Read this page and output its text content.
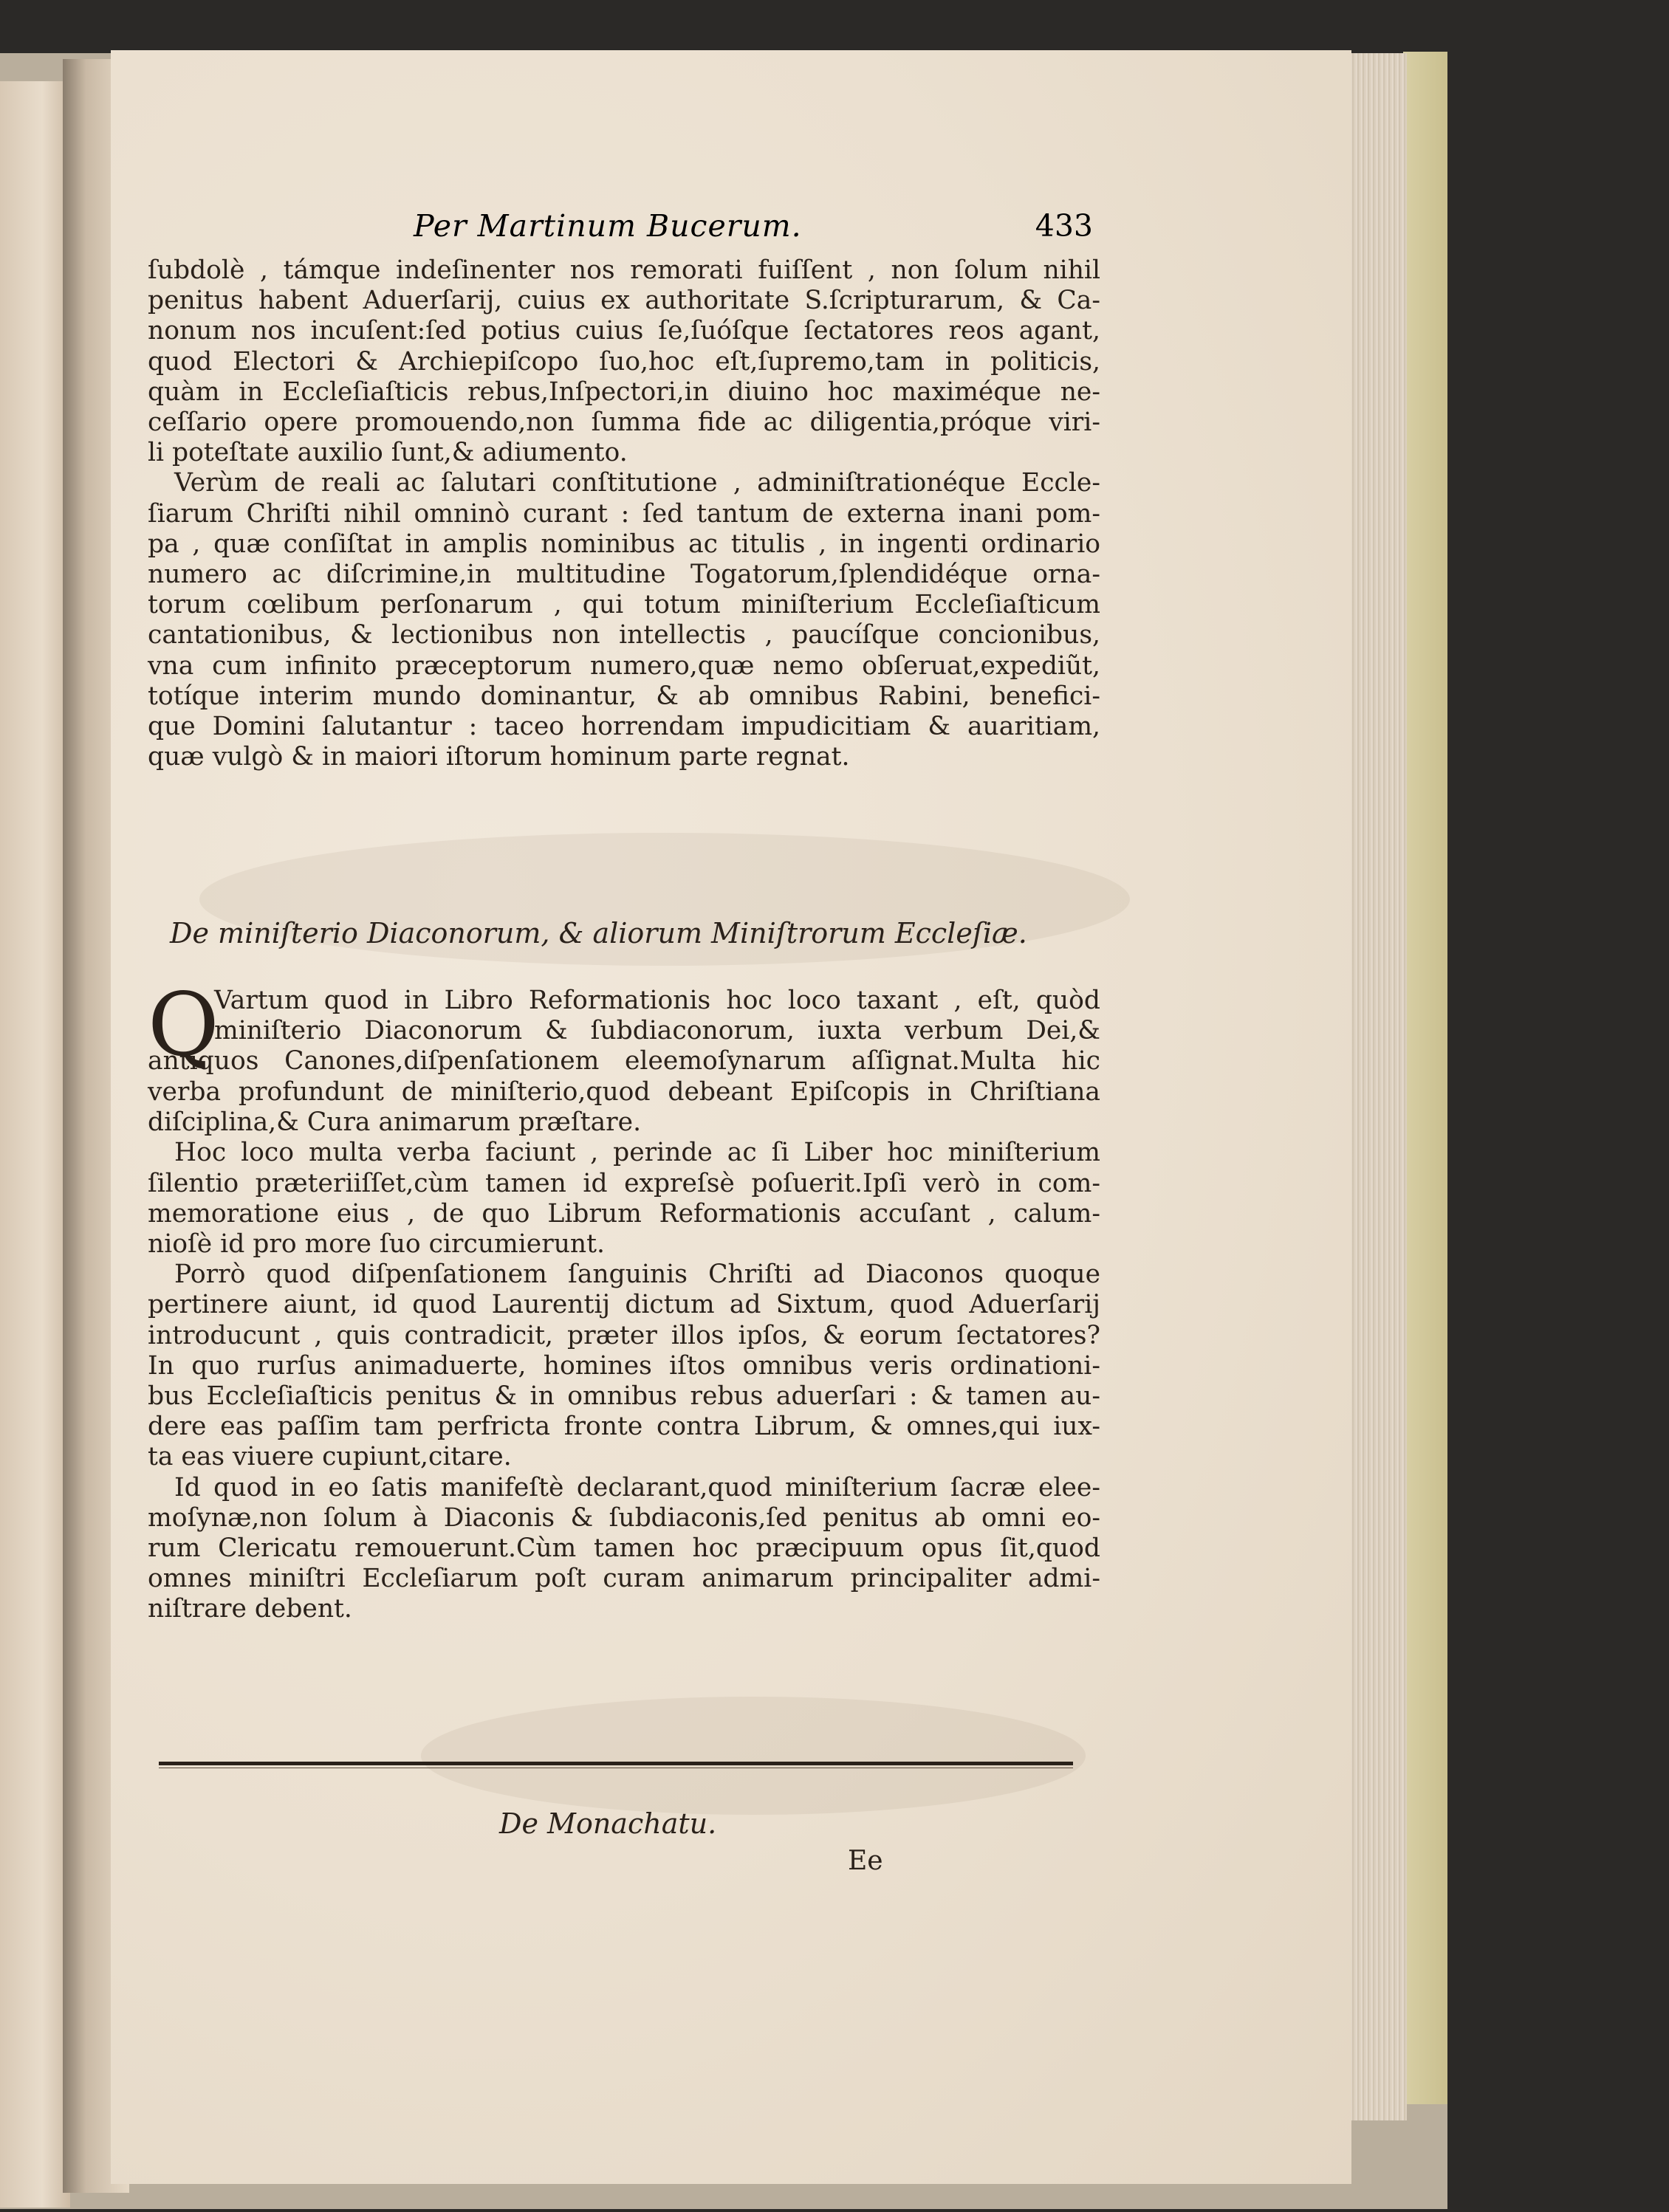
Per Martinum Bucerum.	433
ſubdolè , támque indeſinenter nos remorati fuiſſent , non ſolum nihil
penitus habent Aduerſarij, cuius ex authoritate S.ſcripturarum, & Ca-
nonum nos incuſent:ſed potius cuius ſe,ſuóſque ſectatores reos agant,
quod Electori & Archiepiſcopo ſuo,hoc eſt,ſupremo,tam in politicis,
quàm in Eccleſiaſticis rebus,Inſpectori,in diuino hoc maximéque ne-
ceſſario opere promouendo,non ſumma fide ac diligentia,próque viri-
li poteſtate auxilio ſunt,& adiumento.
Verùm de reali ac ſalutari conſtitutione , adminiſtrationéque Eccle-
ſiarum Chriſti nihil omninò curant : ſed tantum de externa inani pom-
pa , quæ conſiſtat in amplis nominibus ac titulis , in ingenti ordinario
numero ac diſcrimine,in multitudine Togatorum,ſplendidéque orna-
torum cœlibum perſonarum , qui totum miniſterium Eccleſiaſticum
cantationibus, & lectionibus non intellectis , paucíſque concionibus,
vna cum infinito præceptorum numero,quæ nemo obſeruat,expediũt,
totíque interim mundo dominantur, & ab omnibus Rabini, benefici-
que Domini ſalutantur : taceo horrendam impudicitiam & auaritiam,
quæ vulgò & in maiori iſtorum hominum parte regnat.
De miniſterio Diaconorum, & aliorum Miniſtrorum Eccleſiæ.
Q
Vartum quod in Libro Reformationis hoc loco taxant , eſt, quòd
miniſterio Diaconorum & ſubdiaconorum, iuxta verbum Dei,&
antiquos Canones,diſpenſationem eleemoſynarum aſſignat.Multa hic
verba profundunt de miniſterio,quod debeant Epiſcopis in Chriſtiana
diſciplina,& Cura animarum præſtare.
Hoc loco multa verba faciunt , perinde ac ſi Liber hoc miniſterium
ſilentio præteriiſſet,cùm tamen id expreſsè poſuerit.Ipſi verò in com-
memoratione eius , de quo Librum Reformationis accuſant , calum-
nioſè id pro more ſuo circumierunt.
Porrò quod diſpenſationem ſanguinis Chriſti ad Diaconos quoque
pertinere aiunt, id quod Laurentij dictum ad Sixtum, quod Aduerſarij
introducunt , quis contradicit, præter illos ipſos, & eorum ſectatores?
In quo rurſus animaduerte, homines iſtos omnibus veris ordinationi-
bus Eccleſiaſticis penitus & in omnibus rebus aduerſari : & tamen au-
dere eas paſſim tam perfricta fronte contra Librum, & omnes,qui iux-
ta eas viuere cupiunt,citare.
Id quod in eo ſatis manifeſtè declarant,quod miniſterium ſacræ elee-
moſynæ,non ſolum à Diaconis & ſubdiaconis,ſed penitus ab omni eo-
rum Clericatu remouerunt.Cùm tamen hoc præcipuum opus ſit,quod
omnes miniſtri Eccleſiarum poſt curam animarum principaliter admi-
niſtrare debent.
De Monachatu.
Ee
